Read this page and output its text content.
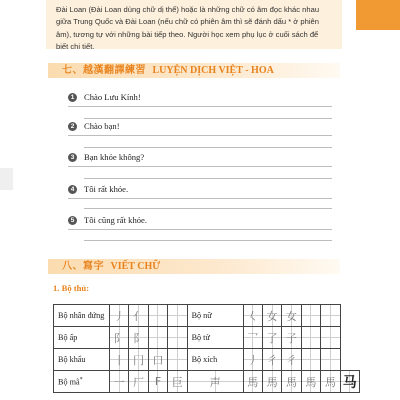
Đài Loan (Đài Loan dùng chữ dị thể) hoặc là những chữ có âm đọc khác nhau giữa Trung Quốc và Đài Loan (nếu chữ có phiên âm thì sẽ đánh dấu * ở phiên âm), tương tự với những bài tiếp theo. Người học xem phụ lục ở cuối sách để biết chi tiết.

七、越漢翻譯練習 LUYỆN DỊCH VIỆT - HOA
1	Chào Lưu Kính!
2	Chào bạn!
3	Bạn khỏe không?
4	Tôi rất khỏe.
5	Tôi cũng rất khỏe.
八、寫字 VIẾT CHỮ
1. Bộ thủ:
Bộ nhân đứng	丿	亻			Bộ nữ	𡿨	女	女			
Bộ ấp	阝	阝			Bộ tử	乛	了	子			
Bộ khẩu	丨	冂	口		Bộ xích	丿	彳	彳			
Bộ mã*	一	厂	F	巨	声	馬	馬	馬	馬	馬	马
